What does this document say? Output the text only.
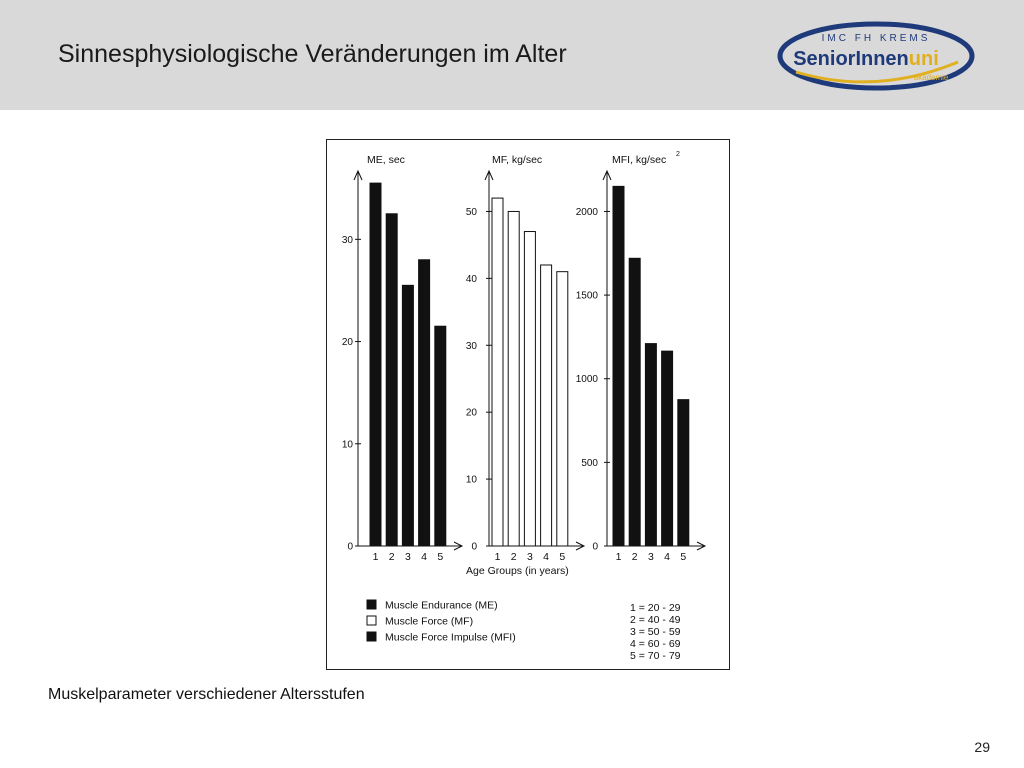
Sinnesphysiologische Veränderungen im Alter
IMC FH KREMS
SeniorInnenuni
akademie
Age Groups (in years)
ME, sec
0
10
20
30
1 2 3 4 5
MF, kg/sec
0
10
20
30
40
50
1 2 3 4 5
MFI, kg/sec 2
0
500
1000
1500
2000
1 2 3 4 5
Muscle Endurance (ME)
Muscle Force (MF)
Muscle Force Impulse (MFI)
1 = 20 - 29
2 = 40 - 49
3 = 50 - 59
4 = 60 - 69
5 = 70 - 79
Muskelparameter verschiedener Altersstufen
29
